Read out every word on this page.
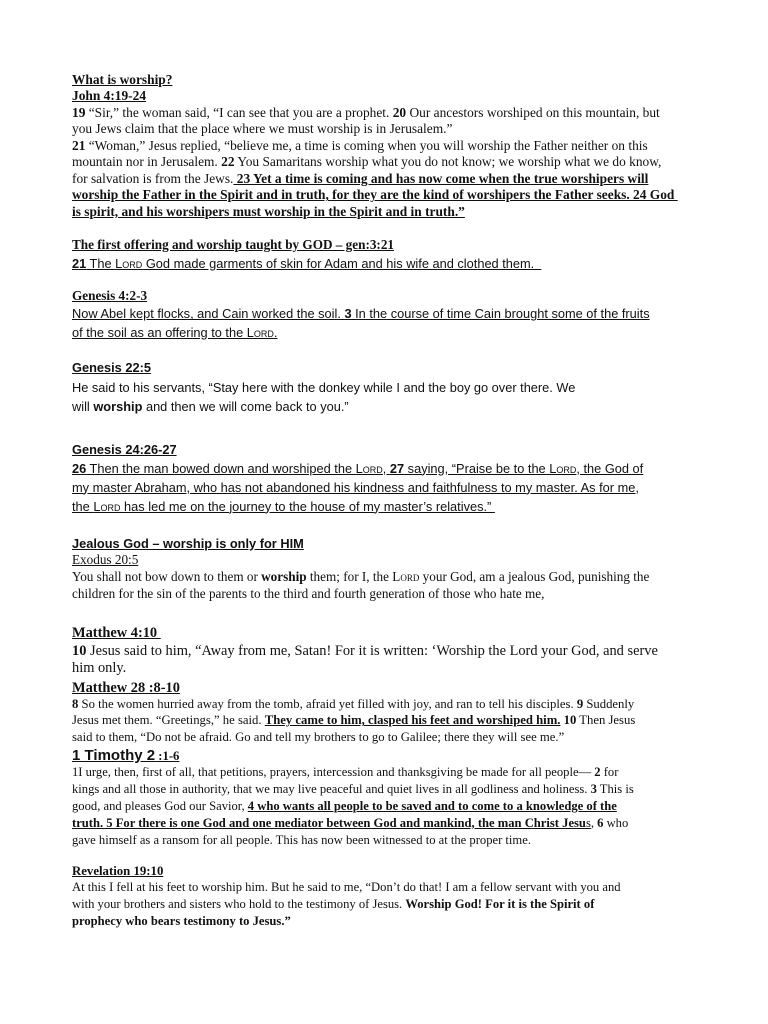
What is worship?
John 4:19-24
19 “Sir,” the woman said, “I can see that you are a prophet. 20 Our ancestors worshiped on this mountain, but
you Jews claim that the place where we must worship is in Jerusalem.”
21 “Woman,” Jesus replied, “believe me, a time is coming when you will worship the Father neither on this
mountain nor in Jerusalem. 22 You Samaritans worship what you do not know; we worship what we do know,
for salvation is from the Jews. 23 Yet a time is coming and has now come when the true worshipers will
worship the Father in the Spirit and in truth, for they are the kind of worshipers the Father seeks. 24 God
is spirit, and his worshipers must worship in the Spirit and in truth.”
The first offering and worship taught by GOD – gen:3:21
21 The Lord God made garments of skin for Adam and his wife and clothed them.
Genesis 4:2-3
Now Abel kept flocks, and Cain worked the soil. 3 In the course of time Cain brought some of the fruits
of the soil as an offering to the Lord.
Genesis 22:5
He said to his servants, “Stay here with the donkey while I and the boy go over there. We
will worship and then we will come back to you.”
Genesis 24:26-27
26 Then the man bowed down and worshiped the Lord, 27 saying, “Praise be to the Lord, the God of
my master Abraham, who has not abandoned his kindness and faithfulness to my master. As for me,
the Lord has led me on the journey to the house of my master’s relatives.”
Jealous God – worship is only for HIM
Exodus 20:5
You shall not bow down to them or worship them; for I, the Lord your God, am a jealous God, punishing the
children for the sin of the parents to the third and fourth generation of those who hate me,
Matthew 4:10
10 Jesus said to him, “Away from me, Satan! For it is written: ‘Worship the Lord your God, and serve
him only.
Matthew 28 :8-10
8 So the women hurried away from the tomb, afraid yet filled with joy, and ran to tell his disciples. 9 Suddenly
Jesus met them. “Greetings,” he said. They came to him, clasped his feet and worshiped him. 10 Then Jesus
said to them, “Do not be afraid. Go and tell my brothers to go to Galilee; there they will see me.”
1 Timothy 2 :1-6
1I urge, then, first of all, that petitions, prayers, intercession and thanksgiving be made for all people— 2 for
kings and all those in authority, that we may live peaceful and quiet lives in all godliness and holiness. 3 This is
good, and pleases God our Savior, 4 who wants all people to be saved and to come to a knowledge of the
truth. 5 For there is one God and one mediator between God and mankind, the man Christ Jesus, 6 who
gave himself as a ransom for all people. This has now been witnessed to at the proper time.
Revelation 19:10
At this I fell at his feet to worship him. But he said to me, “Don’t do that! I am a fellow servant with you and
with your brothers and sisters who hold to the testimony of Jesus. Worship God! For it is the Spirit of
prophecy who bears testimony to Jesus.”
